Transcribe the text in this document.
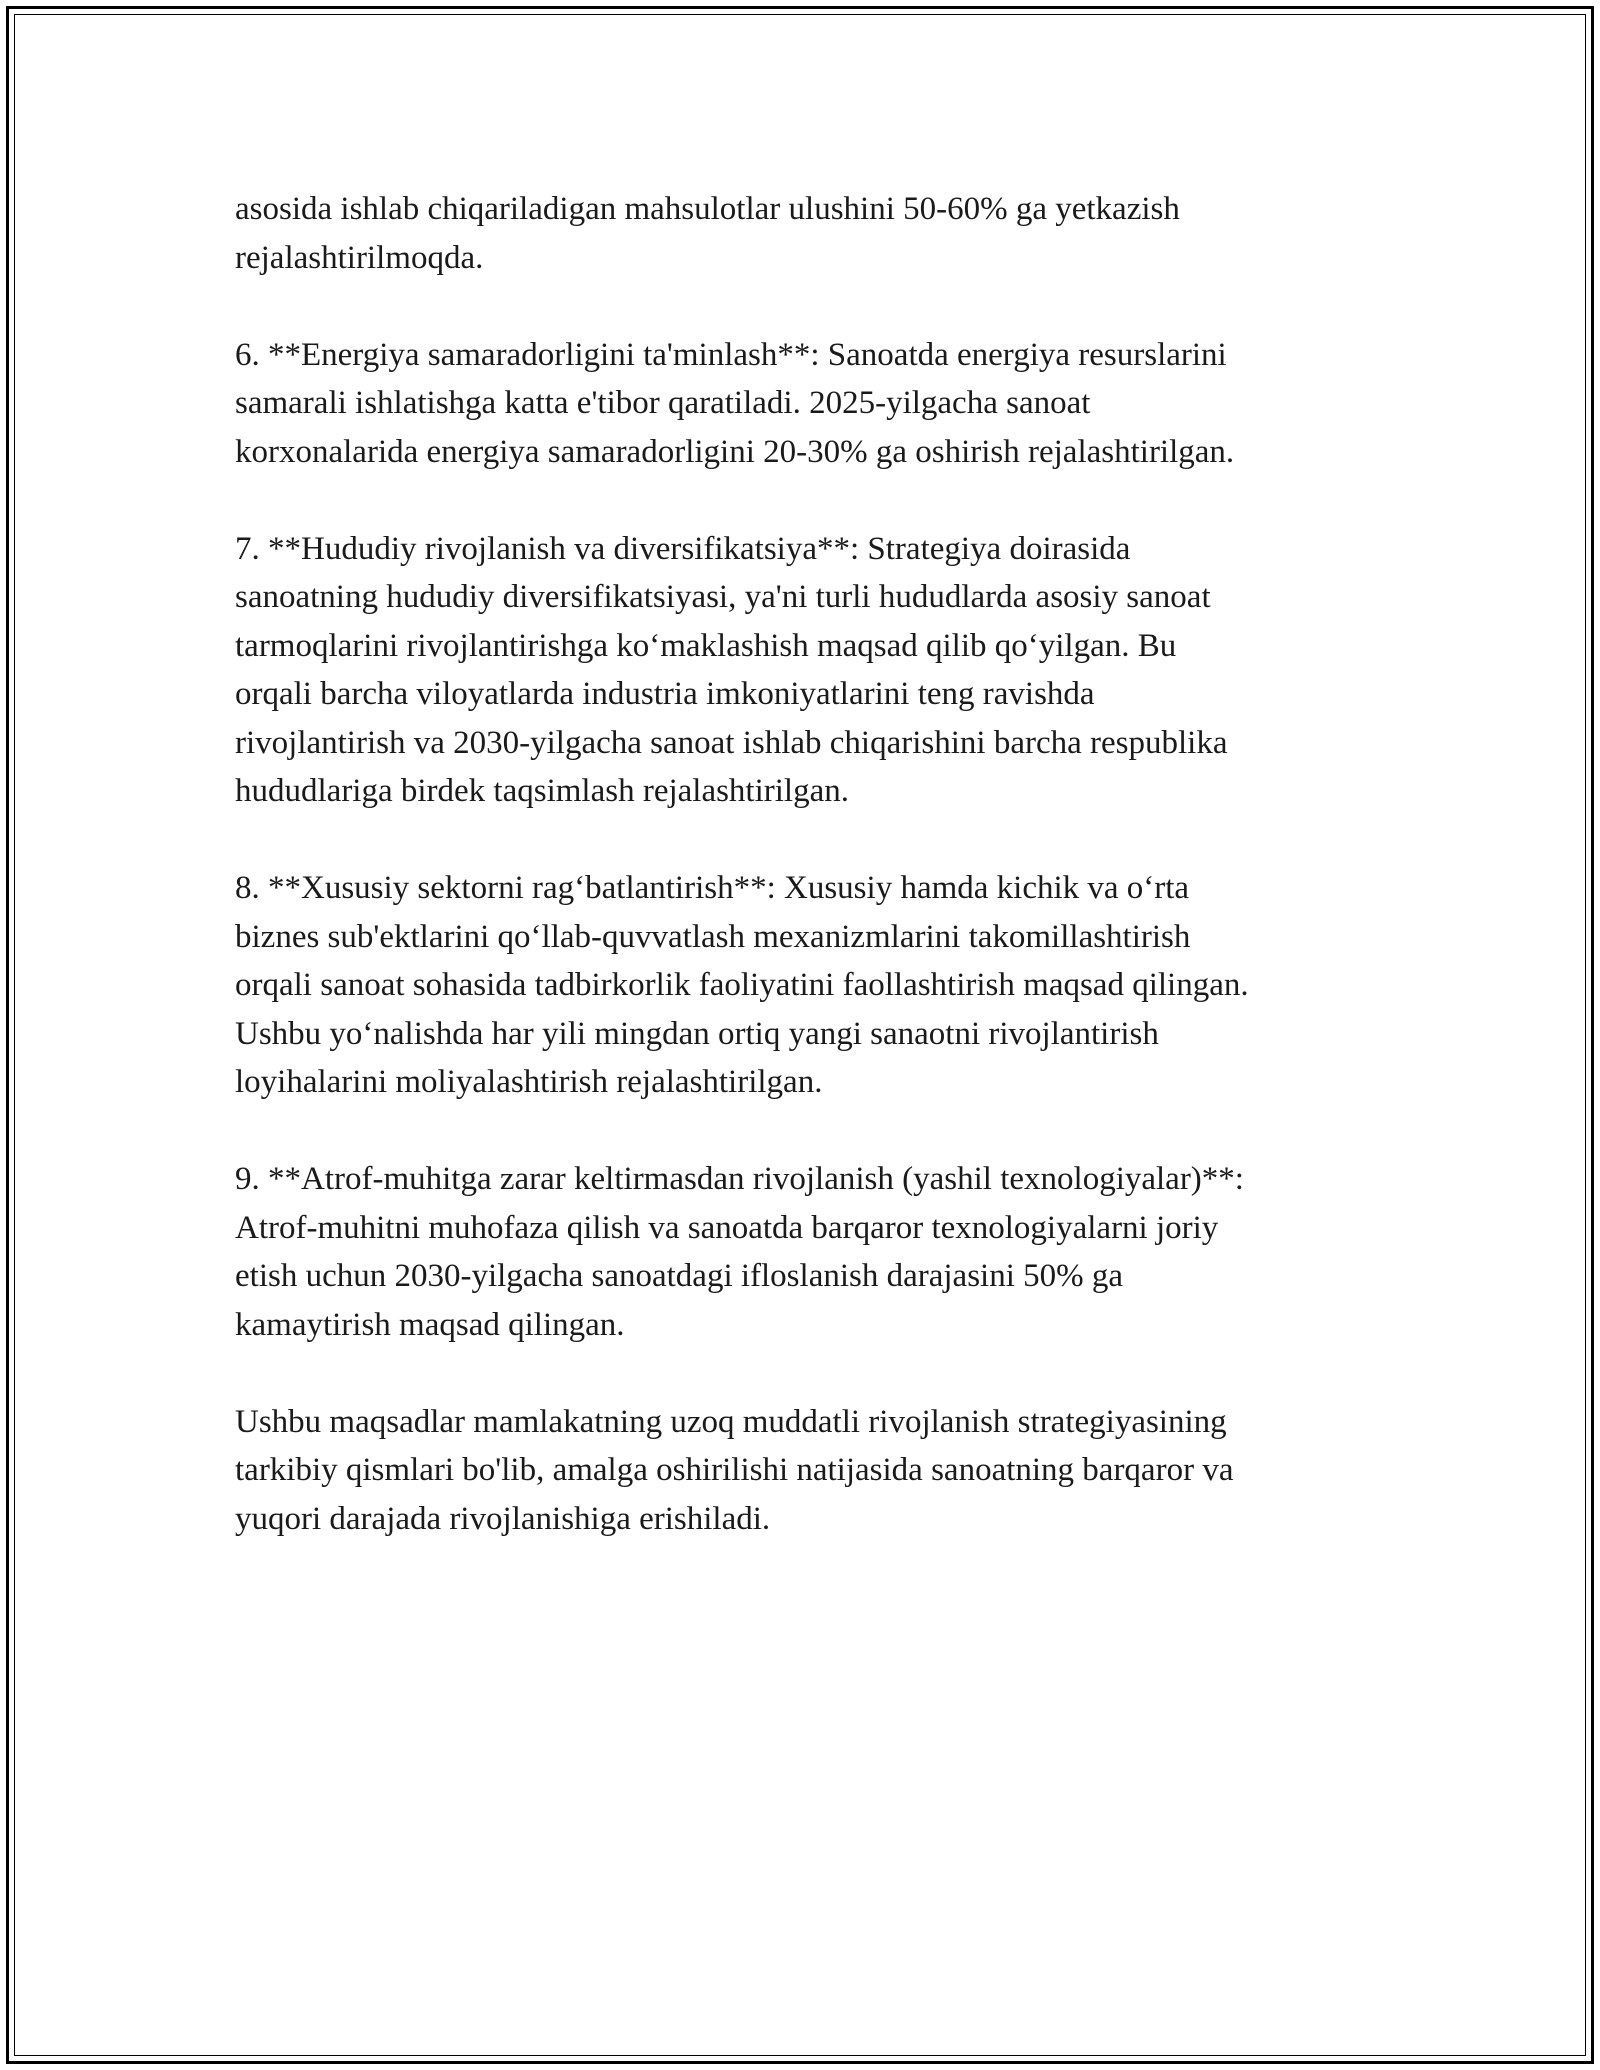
asosida ishlab chiqariladigan mahsulotlar ulushini 50-60% ga yetkazish
rejalashtirilmoqda.

6. **Energiya samaradorligini ta'minlash**: Sanoatda energiya resurslarini
samarali ishlatishga katta e'tibor qaratiladi. 2025-yilgacha sanoat
korxonalarida energiya samaradorligini 20-30% ga oshirish rejalashtirilgan.

7. **Hududiy rivojlanish va diversifikatsiya**: Strategiya doirasida
sanoatning hududiy diversifikatsiyasi, ya'ni turli hududlarda asosiy sanoat
tarmoqlarini rivojlantirishga ko‘maklashish maqsad qilib qo‘yilgan. Bu
orqali barcha viloyatlarda industria imkoniyatlarini teng ravishda
rivojlantirish va 2030-yilgacha sanoat ishlab chiqarishini barcha respublika
hududlariga birdek taqsimlash rejalashtirilgan.

8. **Xususiy sektorni rag‘batlantirish**: Xususiy hamda kichik va o‘rta
biznes sub'ektlarini qo‘llab-quvvatlash mexanizmlarini takomillashtirish
orqali sanoat sohasida tadbirkorlik faoliyatini faollashtirish maqsad qilingan.
Ushbu yo‘nalishda har yili mingdan ortiq yangi sanaotni rivojlantirish
loyihalarini moliyalashtirish rejalashtirilgan.

9. **Atrof-muhitga zarar keltirmasdan rivojlanish (yashil texnologiyalar)**:
Atrof-muhitni muhofaza qilish va sanoatda barqaror texnologiyalarni joriy
etish uchun 2030-yilgacha sanoatdagi ifloslanish darajasini 50% ga
kamaytirish maqsad qilingan.

Ushbu maqsadlar mamlakatning uzoq muddatli rivojlanish strategiyasining
tarkibiy qismlari bo'lib, amalga oshirilishi natijasida sanoatning barqaror va
yuqori darajada rivojlanishiga erishiladi.
